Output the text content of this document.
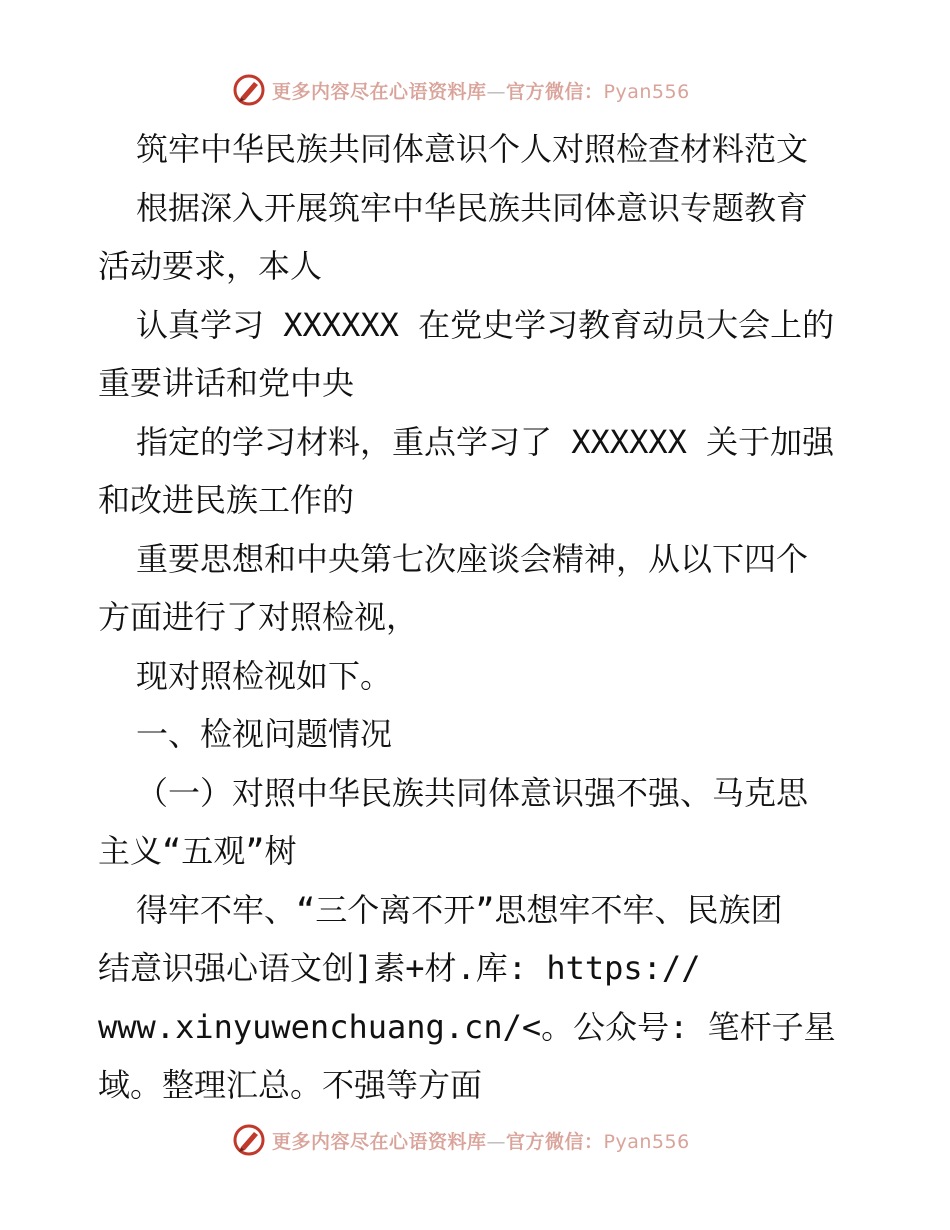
更多内容尽在心语资料库—官方微信：Pyan556
筑牢中华民族共同体意识个人对照检查材料范文
根据深入开展筑牢中华民族共同体意识专题教育
活动要求，本人
认真学习 XXXXXX 在党史学习教育动员大会上的
重要讲话和党中央
指定的学习材料，重点学习了 XXXXXX 关于加强
和改进民族工作的
重要思想和中央第七次座谈会精神，从以下四个
方面进行了对照检视，
现对照检视如下。
一、检视问题情况
（一）对照中华民族共同体意识强不强、马克思
主义“五观”树
得牢不牢、“三个离不开”思想牢不牢、民族团
结意识强心语文创]素+材.库: https://
www.xinyuwenchuang.cn/<。公众号: 笔杆子星
域。整理汇总。不强等方面
更多内容尽在心语资料库—官方微信：Pyan556
